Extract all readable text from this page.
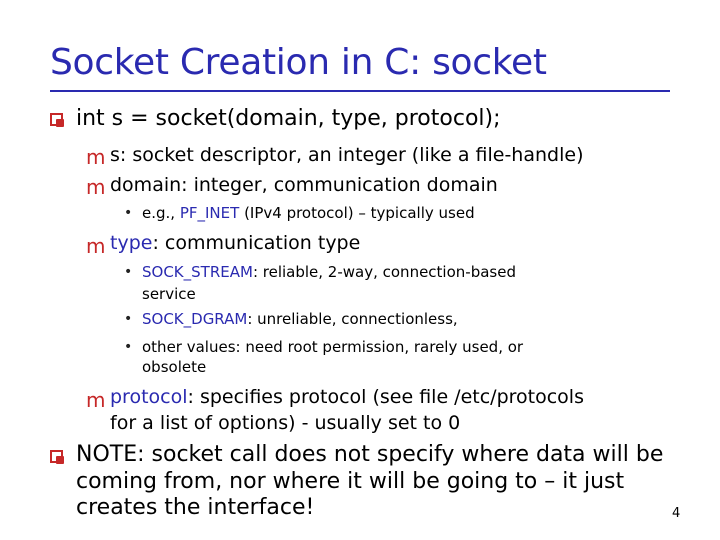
Socket Creation in C: socket
int s = socket(domain, type, protocol);
m s: socket descriptor, an integer (like a file-handle)
m domain: integer, communication domain
• e.g., PF_INET (IPv4 protocol) – typically used
m type: communication type
• SOCK_STREAM: reliable, 2-way, connection-based
service
• SOCK_DGRAM: unreliable, connectionless,
• other values: need root permission, rarely used, or
obsolete
m protocol: specifies protocol (see file /etc/protocols
for a list of options) - usually set to 0
NOTE: socket call does not specify where data will be
coming from, nor where it will be going to – it just
creates the interface!	4
